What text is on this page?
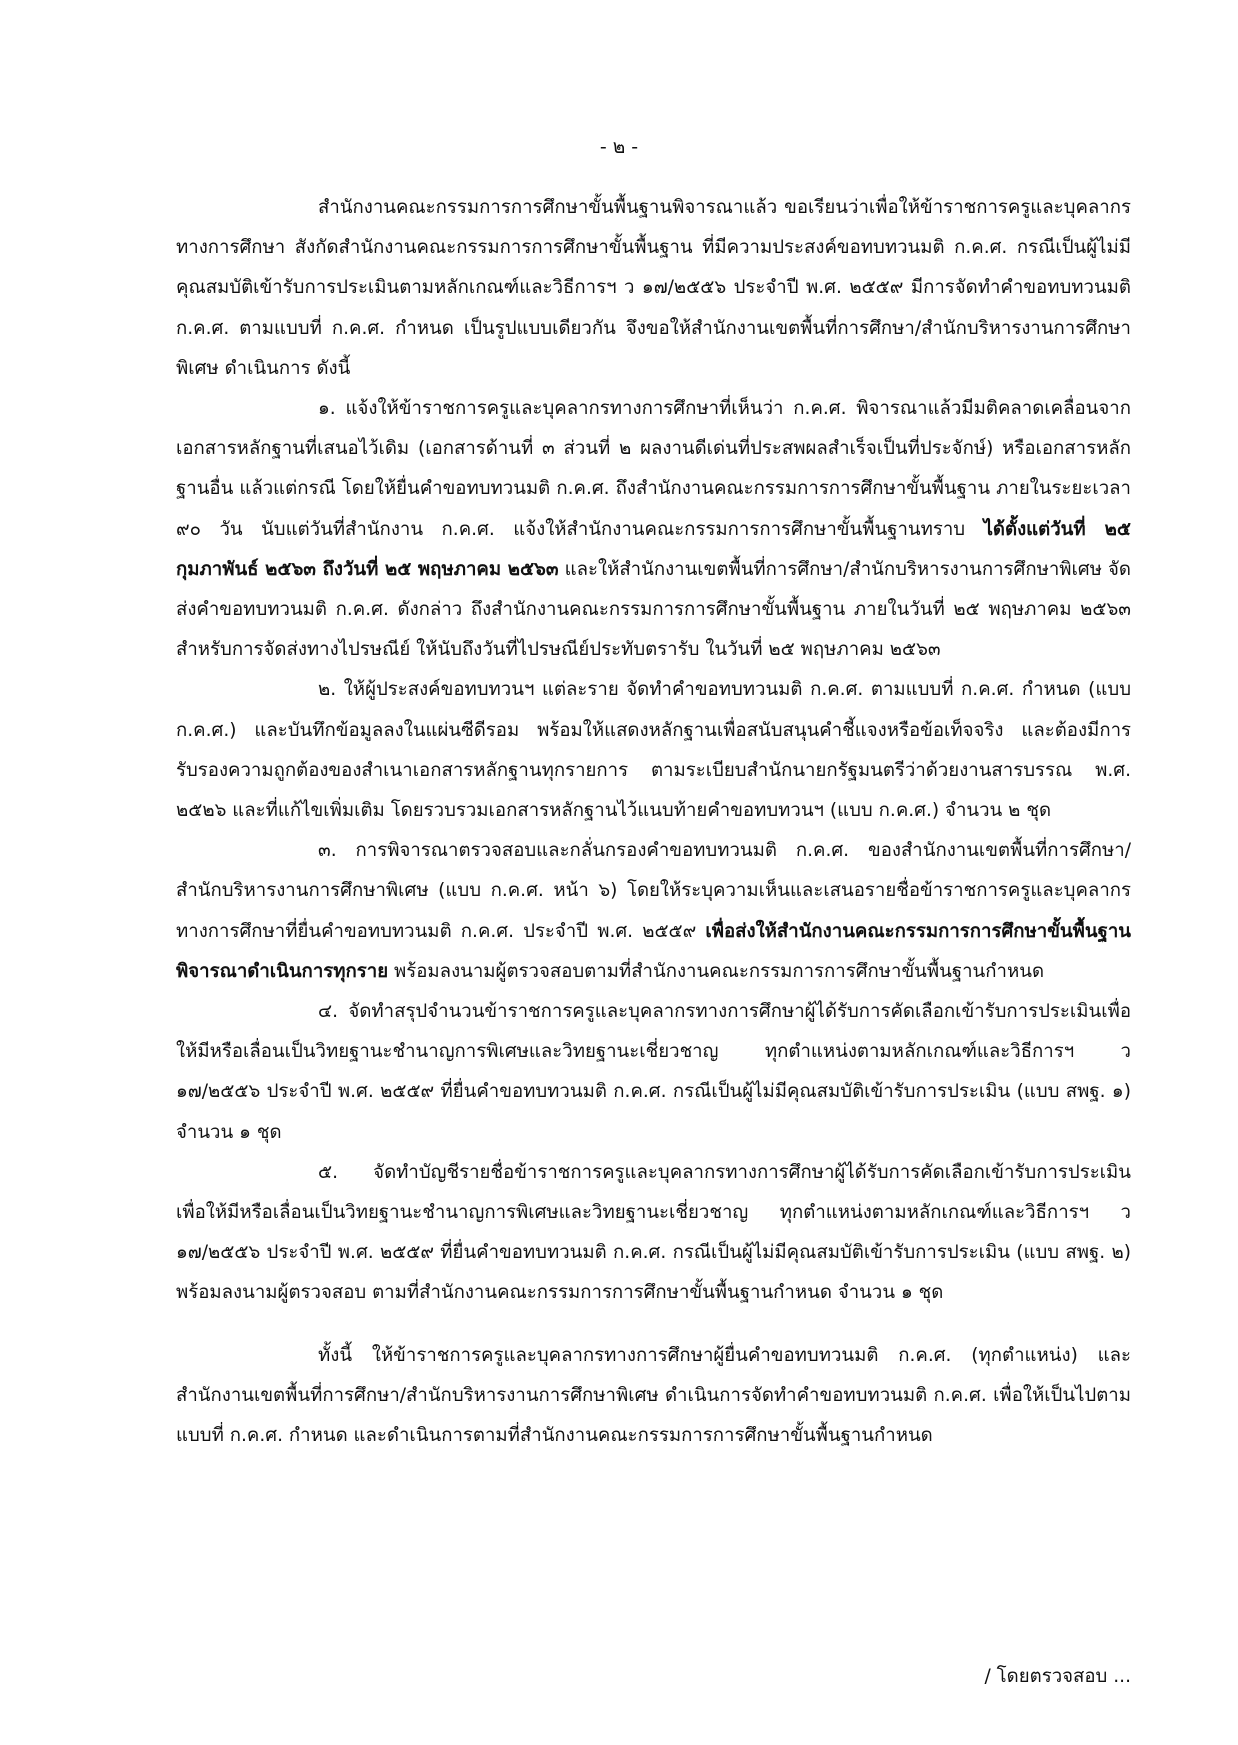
- ๒ -

สำนักงานคณะกรรมการการศึกษาขั้นพื้นฐานพิจารณาแล้ว ขอเรียนว่าเพื่อให้ข้าราชการครูและบุคลากรทางการศึกษา สังกัดสำนักงานคณะกรรมการการศึกษาขั้นพื้นฐาน ที่มีความประสงค์ขอทบทวนมติ ก.ค.ศ. กรณีเป็นผู้ไม่มีคุณสมบัติเข้ารับการประเมินตามหลักเกณฑ์และวิธีการฯ ว ๑๗/๒๕๕๖ ประจำปี พ.ศ. ๒๕๕๙ มีการจัดทำคำขอทบทวนมติ ก.ค.ศ. ตามแบบที่ ก.ค.ศ. กำหนด เป็นรูปแบบเดียวกัน จึงขอให้สำนักงานเขตพื้นที่การศึกษา/สำนักบริหารงานการศึกษาพิเศษ ดำเนินการ ดังนี้

๑. แจ้งให้ข้าราชการครูและบุคลากรทางการศึกษาที่เห็นว่า ก.ค.ศ. พิจารณาแล้วมีมติคลาดเคลื่อนจากเอกสารหลักฐานที่เสนอไว้เดิม (เอกสารด้านที่ ๓ ส่วนที่ ๒ ผลงานดีเด่นที่ประสพผลสำเร็จเป็นที่ประจักษ์) หรือเอกสารหลักฐานอื่น แล้วแต่กรณี โดยให้ยื่นคำขอทบทวนมติ ก.ค.ศ. ถึงสำนักงานคณะกรรมการการศึกษาขั้นพื้นฐาน ภายในระยะเวลา ๙๐ วัน นับแต่วันที่สำนักงาน ก.ค.ศ. แจ้งให้สำนักงานคณะกรรมการการศึกษาขั้นพื้นฐานทราบ ได้ตั้งแต่วันที่ ๒๕ กุมภาพันธ์ ๒๕๖๓ ถึงวันที่ ๒๕ พฤษภาคม ๒๕๖๓ และให้สำนักงานเขตพื้นที่การศึกษา/สำนักบริหารงานการศึกษาพิเศษ จัดส่งคำขอทบทวนมติ ก.ค.ศ. ดังกล่าว ถึงสำนักงานคณะกรรมการการศึกษาขั้นพื้นฐาน ภายในวันที่ ๒๕ พฤษภาคม ๒๕๖๓ สำหรับการจัดส่งทางไปรษณีย์ ให้นับถึงวันที่ไปรษณีย์ประทับตรารับ ในวันที่ ๒๕ พฤษภาคม ๒๕๖๓

๒. ให้ผู้ประสงค์ขอทบทวนฯ แต่ละราย จัดทำคำขอทบทวนมติ ก.ค.ศ. ตามแบบที่ ก.ค.ศ. กำหนด (แบบ ก.ค.ศ.) และบันทึกข้อมูลลงในแผ่นซีดีรอม พร้อมให้แสดงหลักฐานเพื่อสนับสนุนคำชี้แจงหรือข้อเท็จจริง และต้องมีการรับรองความถูกต้องของสำเนาเอกสารหลักฐานทุกรายการ ตามระเบียบสำนักนายกรัฐมนตรีว่าด้วยงานสารบรรณ พ.ศ. ๒๕๒๖ และที่แก้ไขเพิ่มเติม โดยรวบรวมเอกสารหลักฐานไว้แนบท้ายคำขอทบทวนฯ (แบบ ก.ค.ศ.) จำนวน ๒ ชุด

๓. การพิจารณาตรวจสอบและกลั่นกรองคำขอทบทวนมติ ก.ค.ศ. ของสำนักงานเขตพื้นที่การศึกษา/สำนักบริหารงานการศึกษาพิเศษ (แบบ ก.ค.ศ. หน้า ๖) โดยให้ระบุความเห็นและเสนอรายชื่อข้าราชการครูและบุคลากรทางการศึกษาที่ยื่นคำขอทบทวนมติ ก.ค.ศ. ประจำปี พ.ศ. ๒๕๕๙ เพื่อส่งให้สำนักงานคณะกรรมการการศึกษาขั้นพื้นฐานพิจารณาดำเนินการทุกราย พร้อมลงนามผู้ตรวจสอบตามที่สำนักงานคณะกรรมการการศึกษาขั้นพื้นฐานกำหนด

๔. จัดทำสรุปจำนวนข้าราชการครูและบุคลากรทางการศึกษาผู้ได้รับการคัดเลือกเข้ารับการประเมินเพื่อให้มีหรือเลื่อนเป็นวิทยฐานะชำนาญการพิเศษและวิทยฐานะเชี่ยวชาญ ทุกตำแหน่งตามหลักเกณฑ์และวิธีการฯ ว ๑๗/๒๕๕๖ ประจำปี พ.ศ. ๒๕๕๙ ที่ยื่นคำขอทบทวนมติ ก.ค.ศ. กรณีเป็นผู้ไม่มีคุณสมบัติเข้ารับการประเมิน (แบบ สพฐ. ๑) จำนวน ๑ ชุด

๕. จัดทำบัญชีรายชื่อข้าราชการครูและบุคลากรทางการศึกษาผู้ได้รับการคัดเลือกเข้ารับการประเมินเพื่อให้มีหรือเลื่อนเป็นวิทยฐานะชำนาญการพิเศษและวิทยฐานะเชี่ยวชาญ ทุกตำแหน่งตามหลักเกณฑ์และวิธีการฯ ว ๑๗/๒๕๕๖ ประจำปี พ.ศ. ๒๕๕๙ ที่ยื่นคำขอทบทวนมติ ก.ค.ศ. กรณีเป็นผู้ไม่มีคุณสมบัติเข้ารับการประเมิน (แบบ สพฐ. ๒) พร้อมลงนามผู้ตรวจสอบ ตามที่สำนักงานคณะกรรมการการศึกษาขั้นพื้นฐานกำหนด จำนวน ๑ ชุด

ทั้งนี้ ให้ข้าราชการครูและบุคลากรทางการศึกษาผู้ยื่นคำขอทบทวนมติ ก.ค.ศ. (ทุกตำแหน่ง) และสำนักงานเขตพื้นที่การศึกษา/สำนักบริหารงานการศึกษาพิเศษ ดำเนินการจัดทำคำขอทบทวนมติ ก.ค.ศ. เพื่อให้เป็นไปตามแบบที่ ก.ค.ศ. กำหนด และดำเนินการตามที่สำนักงานคณะกรรมการการศึกษาขั้นพื้นฐานกำหนด

/ โดยตรวจสอบ ...
